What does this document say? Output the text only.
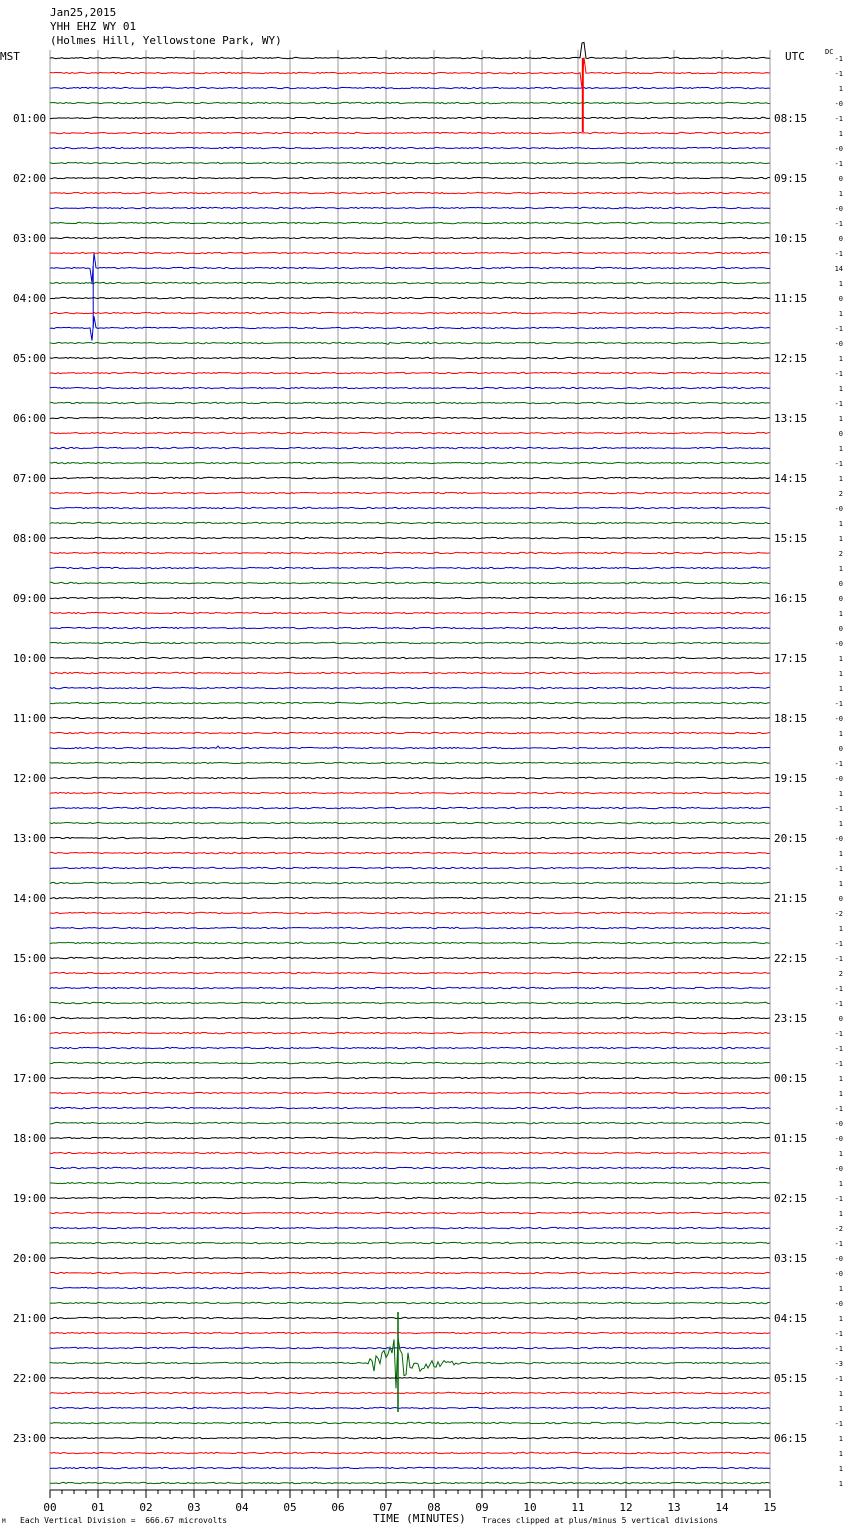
01:00
02:00
03:00
04:00
05:00
06:00
07:00
08:00
09:00
10:00
11:00
12:00
13:00
14:00
15:00
16:00
17:00
18:00
19:00
20:00
21:00
22:00
23:00
08:15
09:15
10:15
11:15
12:15
13:15
14:15
15:15
16:15
17:15
18:15
19:15
20:15
21:15
22:15
23:15
00:15
01:15
02:15
03:15
04:15
05:15
06:15
-1
-1
1
-0
-1
1
-0
-1
0
1
-0
-1
0
-1
14
1
0
1
-1
-0
1
-1
1
-1
1
0
1
-1
1
2
-0
1
1
2
1
0
0
1
0
-0
1
1
1
-1
-0
1
0
-1
-0
1
-1
1
-0
1
-1
1
0
-2
1
-1
-1
2
-1
-1
0
-1
-1
-1
1
1
-1
-0
-0
1
-0
1
-1
1
-2
-1
-0
-0
1
-0
1
-1
-1
-3
-1
1
1
-1
1
1
1
1
00	01	02	03	04	05	06	07	08	09	10	11	12	13	14	15
Jan25,2015
YHH EHZ WY 01
(Holmes Hill, Yellowstone Park, WY)
MST	UTC	DC
M Each Vertical Division =  666.67 microvolts	TIME (MINUTES) Traces clipped at plus/minus 5 vertical divisions
